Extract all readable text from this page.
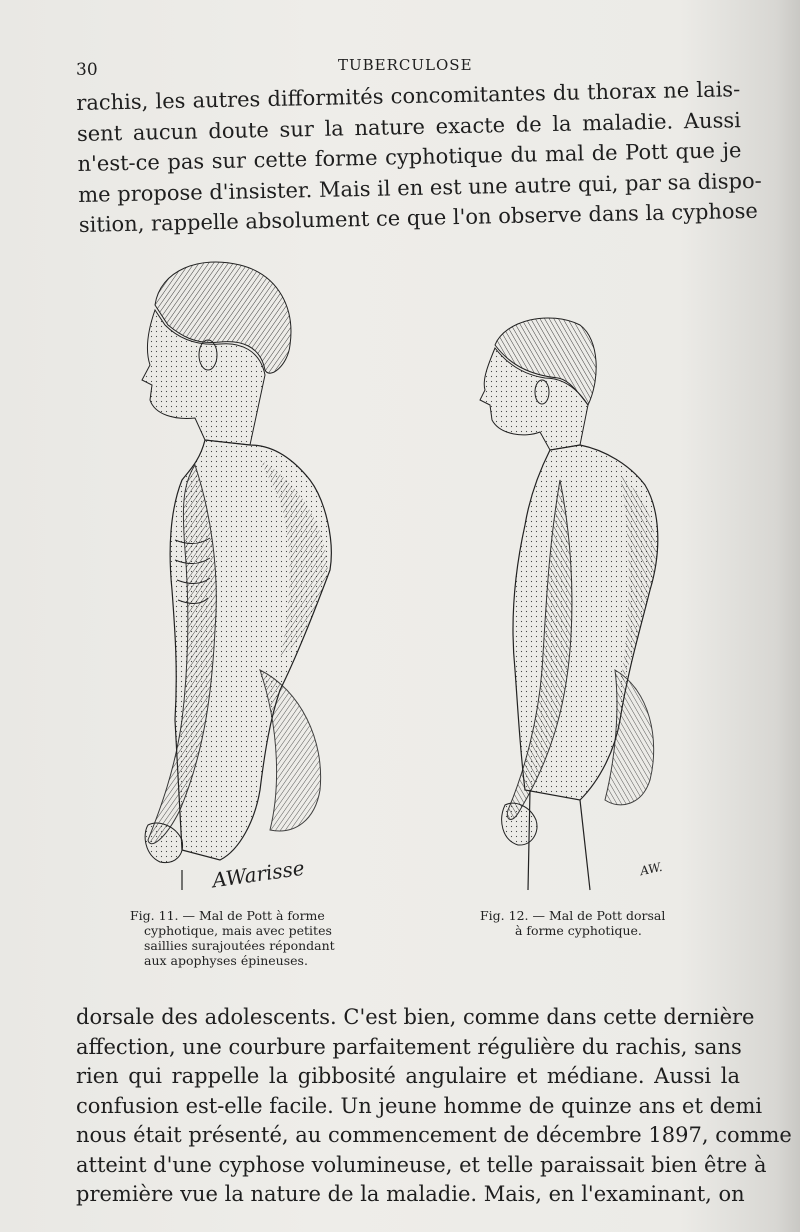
30	TUBERCULOSE
rachis, les autres difformités concomitantes du thorax ne lais-
sent aucun doute sur la nature exacte de la maladie. Aussi
n'est-ce pas sur cette forme cyphotique du mal de Pott que je
me propose d'insister. Mais il en est une autre qui, par sa dispo-
sition, rappelle absolument ce que l'on observe dans la cyphose
AWarisse	AW.
Fig. 11. — Mal de Pott à forme
cyphotique, mais avec petites
saillies surajoutées répondant
aux apophyses épineuses.
Fig. 12. — Mal de Pott dorsal
à forme cyphotique.
dorsale des adolescents. C'est bien, comme dans cette dernière
affection, une courbure parfaitement régulière du rachis, sans
rien qui rappelle la gibbosité angulaire et médiane. Aussi la
confusion est-elle facile. Un jeune homme de quinze ans et demi
nous était présenté, au commencement de décembre 1897, comme
atteint d'une cyphose volumineuse, et telle paraissait bien être à
première vue la nature de la maladie. Mais, en l'examinant, on
